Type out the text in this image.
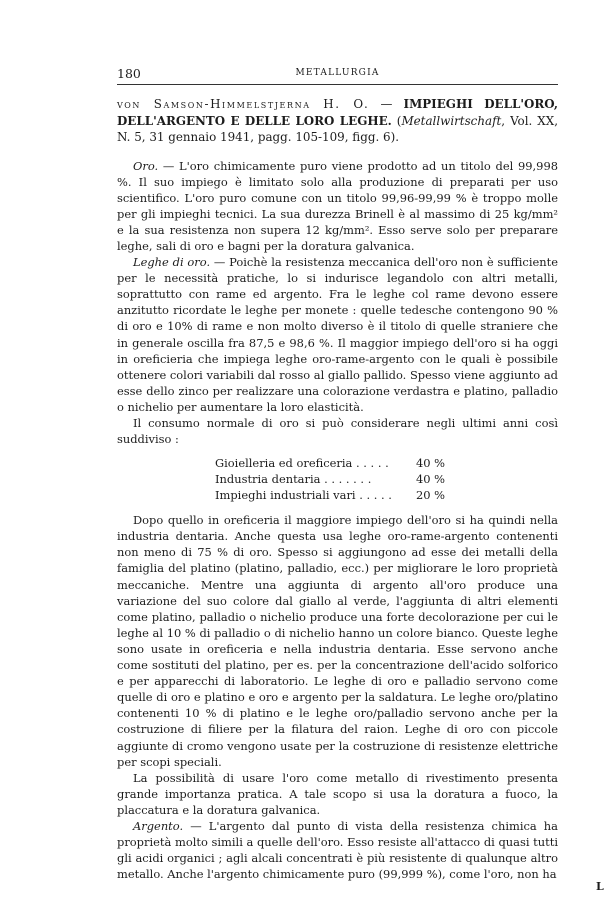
180	METALLURGIA

von Samson-Himmelstjerna H. O. — IMPIEGHI DELL'ORO, DELL'ARGENTO E DELLE LORO LEGHE. (Metallwirtschaft, Vol. XX, N. 5, 31 gennaio 1941, pagg. 105-109, figg. 6).

Oro. — L'oro chimicamente puro viene prodotto ad un titolo del 99,998 %. Il suo impiego è limitato solo alla produzione di preparati per uso scientifico. L'oro puro comune con un titolo 99,96-99,99 % è troppo molle per gli impieghi tecnici. La sua durezza Brinell è al massimo di 25 kg/mm² e la sua resistenza non supera 12 kg/mm². Esso serve solo per preparare leghe, sali di oro e bagni per la doratura galvanica.

Leghe di oro. — Poichè la resistenza meccanica dell'oro non è sufficiente per le necessità pratiche, lo si indurisce legandolo con altri metalli, soprattutto con rame ed argento. Fra le leghe col rame devono essere anzitutto ricordate le leghe per monete : quelle tedesche contengono 90 % di oro e 10% di rame e non molto diverso è il titolo di quelle straniere che in generale oscilla fra 87,5 e 98,6 %. Il maggior impiego dell'oro si ha oggi in oreficieria che impiega leghe oro-rame-argento con le quali è possibile ottenere colori variabili dal rosso al giallo pallido. Spesso viene aggiunto ad esse dello zinco per realizzare una colorazione verdastra e platino, palladio o nichelio per aumentare la loro elasticità.

Il consumo normale di oro si può considerare negli ultimi anni così suddiviso :

Gioielleria ed oreficeria . . . . .	40 %
Industria dentaria . . . . . . .	40 %
Impieghi industriali vari . . . . .	20 %

Dopo quello in oreficeria il maggiore impiego dell'oro si ha quindi nella industria dentaria. Anche questa usa leghe oro-rame-argento contenenti non meno di 75 % di oro. Spesso si aggiungono ad esse dei metalli della famiglia del platino (platino, palladio, ecc.) per migliorare le loro proprietà meccaniche. Mentre una aggiunta di argento all'oro produce una variazione del suo colore dal giallo al verde, l'aggiunta di altri elementi come platino, palladio o nichelio produce una forte decolorazione per cui le leghe al 10 % di palladio o di nichelio hanno un colore bianco. Queste leghe sono usate in oreficeria e nella industria dentaria. Esse servono anche come sostituti del platino, per es. per la concentrazione dell'acido solforico e per apparecchi di laboratorio. Le leghe di oro e palladio servono come quelle di oro e platino e oro e argento per la saldatura. Le leghe oro/platino contenenti 10 % di platino e le leghe oro/palladio servono anche per la costruzione di filiere per la filatura del raion. Leghe di oro con piccole aggiunte di cromo vengono usate per la costruzione di resistenze elettriche per scopi speciali.

La possibilità di usare l'oro come metallo di rivestimento presenta grande importanza pratica. A tale scopo si usa la doratura a fuoco, la placcatura e la doratura galvanica.

Argento. — L'argento dal punto di vista della resistenza chimica ha proprietà molto simili a quelle dell'oro. Esso resiste all'attacco di quasi tutti gli acidi organici ; agli alcali concentrati è più resistente di qualunque altro metallo. Anche l'argento chimicamente puro (99,999 %), come l'oro, non ha

L
